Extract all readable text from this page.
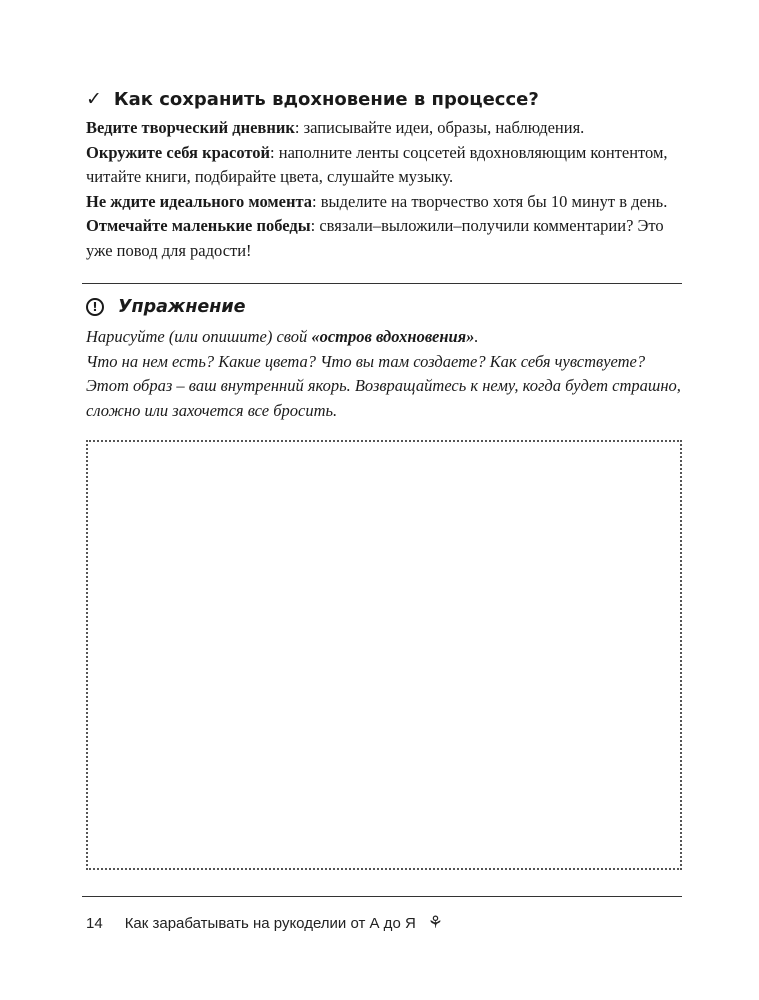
✓ Как сохранить вдохновение в процессе?

Ведите творческий дневник: записывайте идеи, образы, наблюдения.

Окружите себя красотой: наполните ленты соцсетей вдохновляющим контентом, читайте книги, подбирайте цвета, слушайте музыку.

Не ждите идеального момента: выделите на творчество хотя бы 10 минут в день.

Отмечайте маленькие победы: связали–выложили–получили комментарии? Это уже повод для радости!

!	Упражнение

Нарисуйте (или опишите) свой «остров вдохновения».

Что на нем есть? Какие цвета? Что вы там создаете? Как себя чувствуете?

Этот образ – ваш внутренний якорь. Возвращайтесь к нему, когда будет страшно, сложно или захочется все бросить.

14 Как зарабатывать на рукоделии от А до Я ⚘
